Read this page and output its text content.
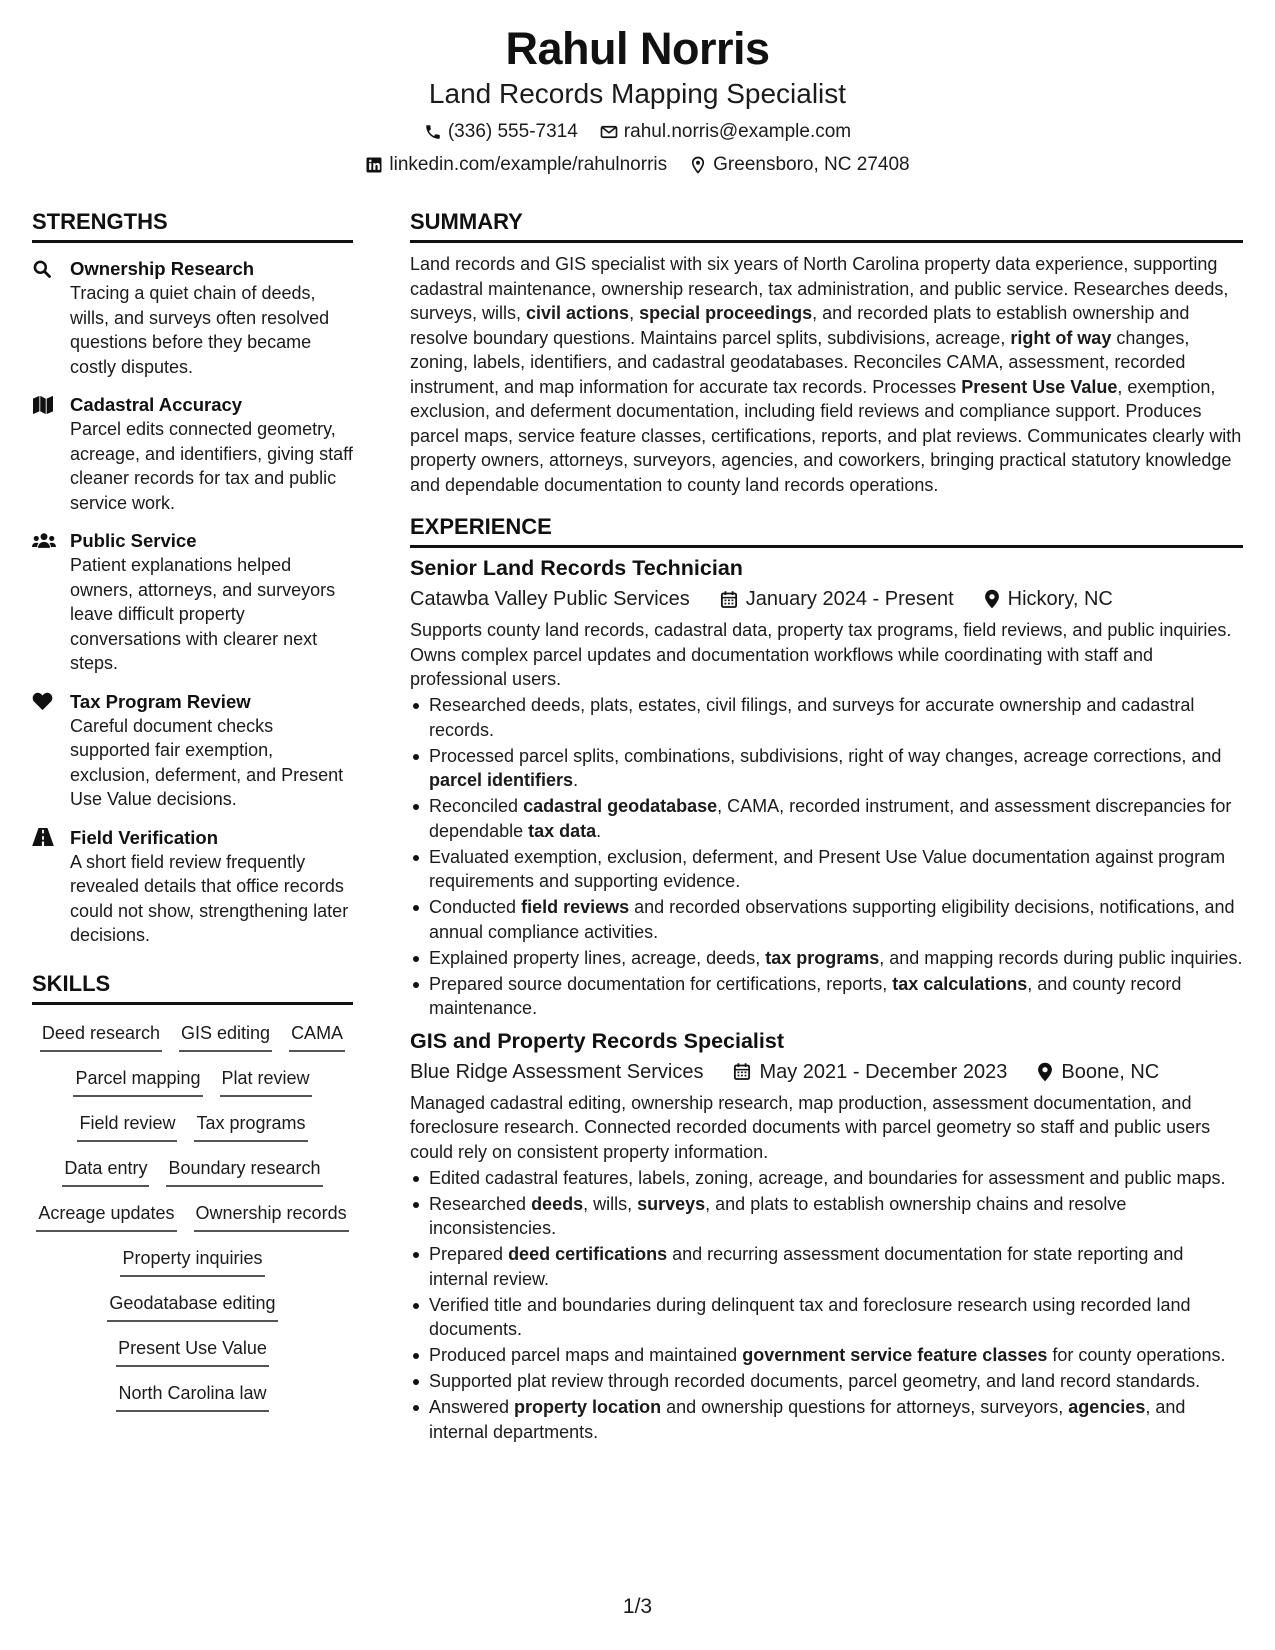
Rahul Norris
Land Records Mapping Specialist
(336) 555-7314 rahul.norris@example.com
linkedin.com/example/rahulnorris Greensboro, NC 27408
STRENGTHS
Ownership Research
Tracing a quiet chain of deeds, wills, and surveys often resolved questions before they became costly disputes.
Cadastral Accuracy
Parcel edits connected geometry, acreage, and identifiers, giving staff cleaner records for tax and public service work.
Public Service
Patient explanations helped owners, attorneys, and surveyors leave difficult property conversations with clearer next steps.
Tax Program Review
Careful document checks supported fair exemption, exclusion, deferment, and Present Use Value decisions.
Field Verification
A short field review frequently revealed details that office records could not show, strengthening later decisions.
SKILLS
Deed research GIS editing CAMA
Parcel mapping Plat review
Field review Tax programs
Data entry Boundary research
Acreage updates Ownership records
Property inquiries
Geodatabase editing
Present Use Value
North Carolina law
SUMMARY
Land records and GIS specialist with six years of North Carolina property data experience, supporting cadastral maintenance, ownership research, tax administration, and public service. Researches deeds, surveys, wills, civil actions, special proceedings, and recorded plats to establish ownership and resolve boundary questions. Maintains parcel splits, subdivisions, acreage, right of way changes, zoning, labels, identifiers, and cadastral geodatabases. Reconciles CAMA, assessment, recorded instrument, and map information for accurate tax records. Processes Present Use Value, exemption, exclusion, and deferment documentation, including field reviews and compliance support. Produces parcel maps, service feature classes, certifications, reports, and plat reviews. Communicates clearly with property owners, attorneys, surveyors, agencies, and coworkers, bringing practical statutory knowledge and dependable documentation to county land records operations.
EXPERIENCE
Senior Land Records Technician
Catawba Valley Public Services	January 2024 - Present	Hickory, NC
Supports county land records, cadastral data, property tax programs, field reviews, and public inquiries. Owns complex parcel updates and documentation workflows while coordinating with staff and professional users.
Researched deeds, plats, estates, civil filings, and surveys for accurate ownership and cadastral records.
Processed parcel splits, combinations, subdivisions, right of way changes, acreage corrections, and parcel identifiers.
Reconciled cadastral geodatabase, CAMA, recorded instrument, and assessment discrepancies for dependable tax data.
Evaluated exemption, exclusion, deferment, and Present Use Value documentation against program requirements and supporting evidence.
Conducted field reviews and recorded observations supporting eligibility decisions, notifications, and annual compliance activities.
Explained property lines, acreage, deeds, tax programs, and mapping records during public inquiries.
Prepared source documentation for certifications, reports, tax calculations, and county record maintenance.
GIS and Property Records Specialist
Blue Ridge Assessment Services	May 2021 - December 2023	Boone, NC
Managed cadastral editing, ownership research, map production, assessment documentation, and foreclosure research. Connected recorded documents with parcel geometry so staff and public users could rely on consistent property information.
Edited cadastral features, labels, zoning, acreage, and boundaries for assessment and public maps.
Researched deeds, wills, surveys, and plats to establish ownership chains and resolve inconsistencies.
Prepared deed certifications and recurring assessment documentation for state reporting and internal review.
Verified title and boundaries during delinquent tax and foreclosure research using recorded land documents.
Produced parcel maps and maintained government service feature classes for county operations.
Supported plat review through recorded documents, parcel geometry, and land record standards.
Answered property location and ownership questions for attorneys, surveyors, agencies, and internal departments.
1/3
